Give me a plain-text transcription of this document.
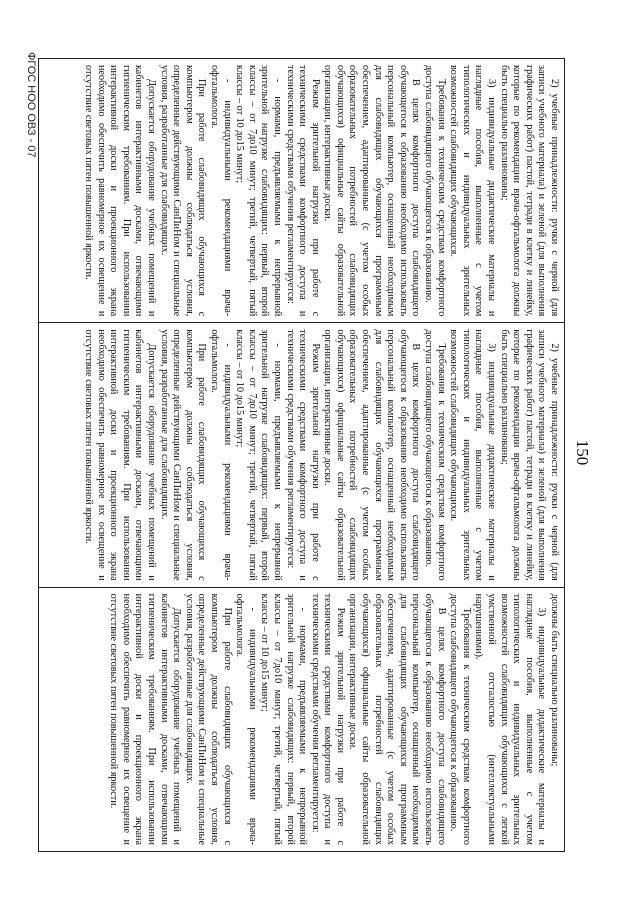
150

2) учебные принадлежности: ручки с черной (для записи учебного материала) и зеленой (для выполнения графических работ) пастой, тетради в клетку и линейку, которые по рекомендации врача-офтальмолога должны быть специально разлинованы;

3) индивидуальные дидактические материалы и наглядные пособия, выполненные с учетом типологических и индивидуальных зрительных возможностей слабовидящих обучающихся.

Требования к техническим средствам комфортного доступа слабовидящего обучающегося к образованию.

В целях комфортного доступа слабовидящего обучающегося к образованию необходимо использовать персональный компьютер, оснащенный необходимым для слабовидящих обучающихся программным обеспечением, адаптированные (с учетом особых образовательных потребностей слабовидящих обучающихся) официальные сайты образовательной организации, интерактивные доски.

Режим зрительной нагрузки при работе с техническими средствами комфортного доступа и техническими средствами обучения регламентируется:

- нормами, предъявляемыми к непрерывной зрительной нагрузке слабовидящих: первый, второй классы – от 7до10 минут; третий, четвертый, пятый классы – от 10 до15 минут;

- индивидуальными рекомендациями врача-офтальмолога.

При работе слабовидящих обучающихся с компьютером должны соблюдаться условия, определенные действующими СанПиНом и специальные условия, разработанные для слабовидящих.

Допускается оборудование учебных помещений и кабинетов интерактивными досками, отвечающими гигиеническим требованиям. При использовании интерактивной доски и проекционного экрана необходимо обеспечить равномерное их освещение и отсутствие световых пятен повышенной яркости.

2) учебные принадлежности: ручки с черной (для записи учебного материала) и зеленой (для выполнения графических работ) пастой, тетради в клетку и линейку, которые по рекомендации врача-офтальмолога должны быть специально разлинованы;

3) индивидуальные дидактические материалы и наглядные пособия, выполненные с учетом типологических и индивидуальных зрительных возможностей слабовидящих обучающихся.

Требования к техническим средствам комфортного доступа слабовидящего обучающегося к образованию.

В целях комфортного доступа слабовидящего обучающегося к образованию необходимо использовать персональный компьютер, оснащенный необходимым для слабовидящих обучающихся программным обеспечением, адаптированные (с учетом особых образовательных потребностей слабовидящих обучающихся) официальные сайты образовательной организации, интерактивные доски.

Режим зрительной нагрузки при работе с техническими средствами комфортного доступа и техническими средствами обучения регламентируется:

- нормами, предъявляемыми к непрерывной зрительной нагрузке слабовидящих: первый, второй классы – от 7до10 минут; третий, четвертый, пятый классы – от 10 до15 минут;

- индивидуальными рекомендациями врача-офтальмолога.

При работе слабовидящих обучающихся с компьютером должны соблюдаться условия, определенные действующими СанПиНом и специальные условия, разработанные для слабовидящих.

Допускается оборудование учебных помещений и кабинетов интерактивными досками, отвечающими гигиеническим требованиям. При использовании интерактивной доски и проекционного экрана необходимо обеспечить равномерное их освещение и отсутствие световых пятен повышенной яркости.

должны быть специально разлинованы;

3) индивидуальные дидактические материалы и наглядные пособия, выполненные с учетом типологических и индивидуальных зрительных возможностей слабовидящих обучающихся с легкой умственной отсталостью (интеллектуальными нарушениями).

Требования к техническим средствам комфортного доступа слабовидящего обучающегося к образованию.

В целях комфортного доступа слабовидящего обучающегося к образованию необходимо использовать персональный компьютер, оснащенный необходимым для слабовидящих обучающихся программным обеспечением, адаптированные (с учетом особых образовательных потребностей слабовидящих обучающихся) официальные сайты образовательной организации, интерактивные доски.

Режим зрительной нагрузки при работе с техническими средствами комфортного доступа и техническими средствами обучения регламентируется:

- нормами, предъявляемыми к непрерывной зрительной нагрузке слабовидящих: первый, второй классы – от 7до10 минут; третий, четвертый, пятый классы – от 10 до15 минут;

- индивидуальными рекомендациями врача-офтальмолога.

При работе слабовидящих обучающихся с компьютером должны соблюдаться условия, определенные действующими СанПиНом и специальные условия, разработанные для слабовидящих.

Допускается оборудование учебных помещений и кабинетов интерактивными досками, отвечающими гигиеническим требованиям. При использовании интерактивной доски и проекционного экрана необходимо обеспечить равномерное их освещение и отсутствие световых пятен повышенной яркости.

ФГОС НОО ОВЗ - 07
